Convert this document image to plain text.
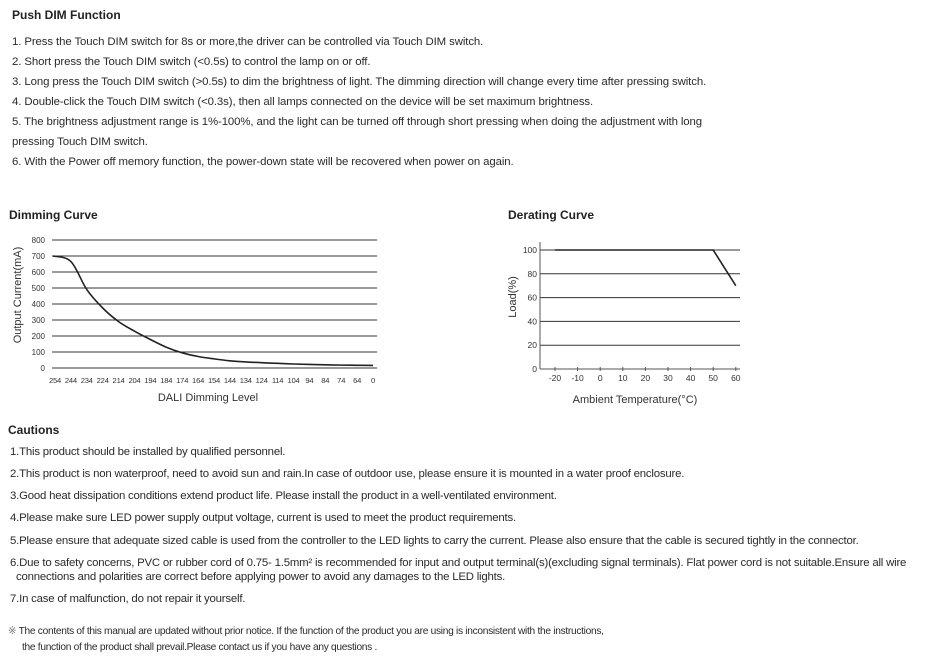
Push DIM Function
1. Press the Touch DIM switch for 8s or more,the driver can be controlled via Touch DIM switch.
2. Short press the Touch DIM switch (<0.5s) to control the lamp on or off.
3. Long press the Touch DIM switch (>0.5s) to dim the brightness of light. The dimming direction will change every time after pressing switch.
4. Double-click the Touch DIM switch (<0.3s), then all lamps connected on the device will be set maximum brightness.
5. The brightness adjustment range is 1%-100%, and the light can be turned off through short pressing when doing the adjustment with long
pressing Touch DIM switch.
6. With the Power off memory function, the power-down state will be recovered when power on again.
Dimming Curve
800
700
600
500
400
300
200
100
0
254 244 234 224 214 204 194 184 174 164 154 144 134 124 114 104 94 84 74 64 0
Output Current(mA)
DALI Dimming Level
Derating Curve
100
80
60
40
20
0
-20 -10 0 10 20 30 40 50 60
Load(%)
Ambient Temperature(°C)
Cautions
1.This product should be installed by qualified personnel.
2.This product is non waterproof, need to avoid sun and rain.In case of outdoor use, please ensure it is mounted in a water proof enclosure.
3.Good heat dissipation conditions extend product life. Please install the product in a well-ventilated environment.
4.Please make sure LED power supply output voltage, current is used to meet the product requirements.
5.Please ensure that adequate sized cable is used from the controller to the LED lights to carry the current. Please also ensure that the cable is secured tightly in the connector.
6.Due to safety concerns, PVC or rubber cord of 0.75- 1.5mm² is recommended for input and output terminal(s)(excluding signal terminals). Flat power cord is not suitable.Ensure all wire
connections and polarities are correct before applying power to avoid any damages to the LED lights.
7.In case of malfunction, do not repair it yourself.
※ The contents of this manual are updated without prior notice. If the function of the product you are using is inconsistent with the instructions,
the function of the product shall prevail.Please contact us if you have any questions .
